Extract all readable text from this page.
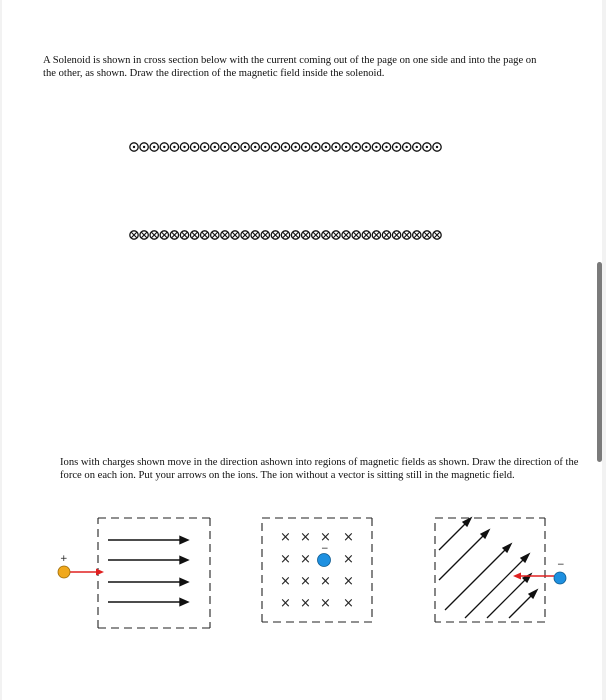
A Solenoid is shown in cross section below with the current coming out of the page on one side and into the page on the other, as shown. Draw the direction of the magnetic field inside the solenoid.

Ions with charges shown move in the direction ashown into regions of magnetic fields as shown. Draw the direction of the force on each ion. Put your arrows on the ions. The ion without a vector is sitting still in the magnetic field.

+
× × × ×
× × ×
× × × ×
× × × ×
−
−
